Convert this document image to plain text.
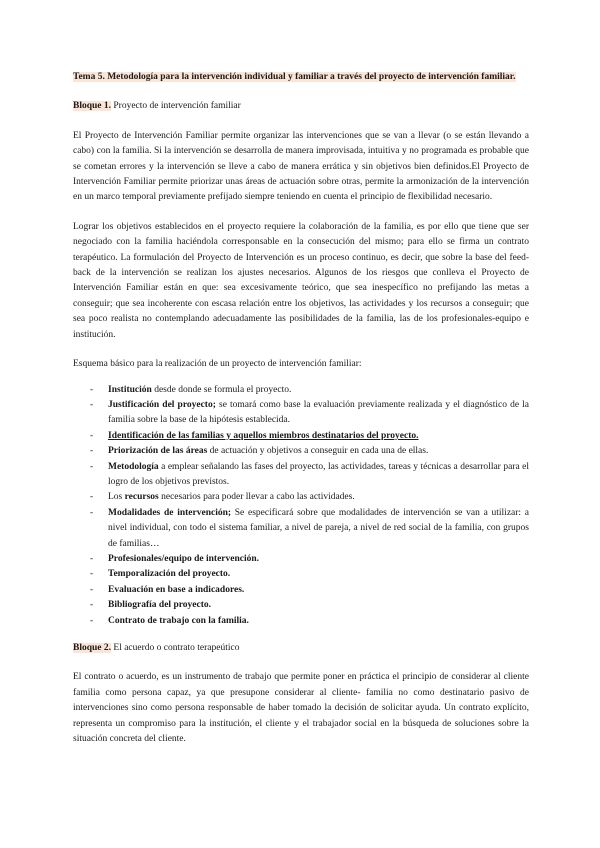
Tema 5. Metodología para la intervención individual y familiar a través del proyecto de intervención familiar.
Bloque 1. Proyecto de intervención familiar

El Proyecto de Intervención Familiar permite organizar las intervenciones que se van a llevar (o se están llevando a cabo) con la familia. Si la intervención se desarrolla de manera improvisada, intuitiva y no programada es probable que se cometan errores y la intervención se lleve a cabo de manera errática y sin objetivos bien definidos.El Proyecto de Intervención Familiar permite priorizar unas áreas de actuación sobre otras, permite la armonización de la intervención en un marco temporal previamente prefijado siempre teniendo en cuenta el principio de flexibilidad necesario.

Lograr los objetivos establecidos en el proyecto requiere la colaboración de la familia, es por ello que tiene que ser negociado con la familia haciéndola corresponsable en la consecución del mismo; para ello se firma un contrato terapéutico. La formulación del Proyecto de Intervención es un proceso continuo, es decir, que sobre la base del feed-back de la intervención se realizan los ajustes necesarios. Algunos de los riesgos que conlleva el Proyecto de Intervención Familiar están en que: sea excesivamente teórico, que sea inespecífico no prefijando las metas a conseguir; que sea incoherente con escasa relación entre los objetivos, las actividades y los recursos a conseguir; que sea poco realista no contemplando adecuadamente las posibilidades de la familia, las de los profesionales-equipo e institución.

Esquema básico para la realización de un proyecto de intervención familiar:

- Institución desde donde se formula el proyecto.
- Justificación del proyecto; se tomará como base la evaluación previamente realizada y el diagnóstico de la familia sobre la base de la hipótesis establecida.
- Identificación de las familias y aquellos miembros destinatarios del proyecto.
- Priorización de las áreas de actuación y objetivos a conseguir en cada una de ellas.
- Metodología a emplear señalando las fases del proyecto, las actividades, tareas y técnicas a desarrollar para el logro de los objetivos previstos.
- Los recursos necesarios para poder llevar a cabo las actividades.
- Modalidades de intervención; Se especificará sobre que modalidades de intervención se van a utilizar: a nivel individual, con todo el sistema familiar, a nivel de pareja, a nivel de red social de la familia, con grupos de familias…
- Profesionales/equipo de intervención.
- Temporalización del proyecto.
- Evaluación en base a indicadores.
- Bibliografía del proyecto.
- Contrato de trabajo con la familia.
Bloque 2. El acuerdo o contrato terapeútico

El contrato o acuerdo, es un instrumento de trabajo que permite poner en práctica el principio de considerar al cliente familia como persona capaz, ya que presupone considerar al cliente- familia no como destinatario pasivo de intervenciones sino como persona responsable de haber tomado la decisión de solicitar ayuda. Un contrato explícito, representa un compromiso para la institución, el cliente y el trabajador social en la búsqueda de soluciones sobre la situación concreta del cliente.
